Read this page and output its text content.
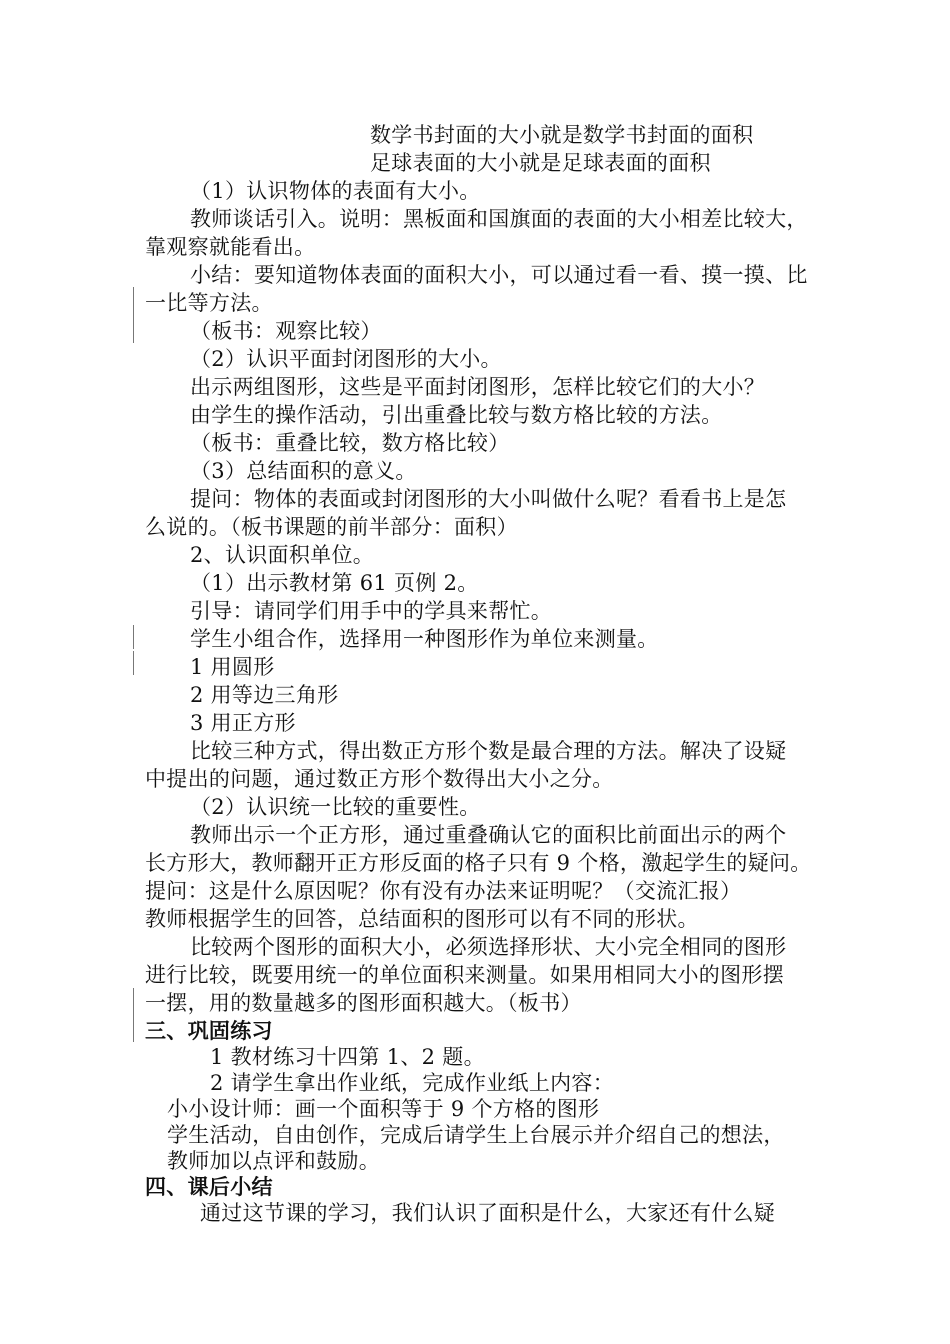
数学书封面的大小就是数学书封面的面积
足球表面的大小就是足球表面的面积
（1）认识物体的表面有大小。
教师谈话引入。说明：黑板面和国旗面的表面的大小相差比较大，
靠观察就能看出。
小结：要知道物体表面的面积大小，可以通过看一看、摸一摸、比
一比等方法。
（板书：观察比较）
（2）认识平面封闭图形的大小。
出示两组图形，这些是平面封闭图形，怎样比较它们的大小？
由学生的操作活动，引出重叠比较与数方格比较的方法。
（板书：重叠比较，数方格比较）
（3）总结面积的意义。
提问：物体的表面或封闭图形的大小叫做什么呢？看看书上是怎
么说的。（板书课题的前半部分：面积）
2、认识面积单位。
（1）出示教材第 61 页例 2。
引导：请同学们用手中的学具来帮忙。
学生小组合作，选择用一种图形作为单位来测量。
1 用圆形
2 用等边三角形
3 用正方形
比较三种方式，得出数正方形个数是最合理的方法。解决了设疑
中提出的问题，通过数正方形个数得出大小之分。
（2）认识统一比较的重要性。
教师出示一个正方形，通过重叠确认它的面积比前面出示的两个
长方形大，教师翻开正方形反面的格子只有 9 个格，激起学生的疑问。
提问：这是什么原因呢？你有没有办法来证明呢？（交流汇报）
教师根据学生的回答，总结面积的图形可以有不同的形状。
比较两个图形的面积大小，必须选择形状、大小完全相同的图形
进行比较，既要用统一的单位面积来测量。如果用相同大小的图形摆
一摆，用的数量越多的图形面积越大。（板书）
三、巩固练习
1 教材练习十四第 1、2 题。
2 请学生拿出作业纸，完成作业纸上内容：
小小设计师：画一个面积等于 9 个方格的图形
学生活动，自由创作，完成后请学生上台展示并介绍自己的想法，
教师加以点评和鼓励。
四、课后小结
通过这节课的学习，我们认识了面积是什么，大家还有什么疑
